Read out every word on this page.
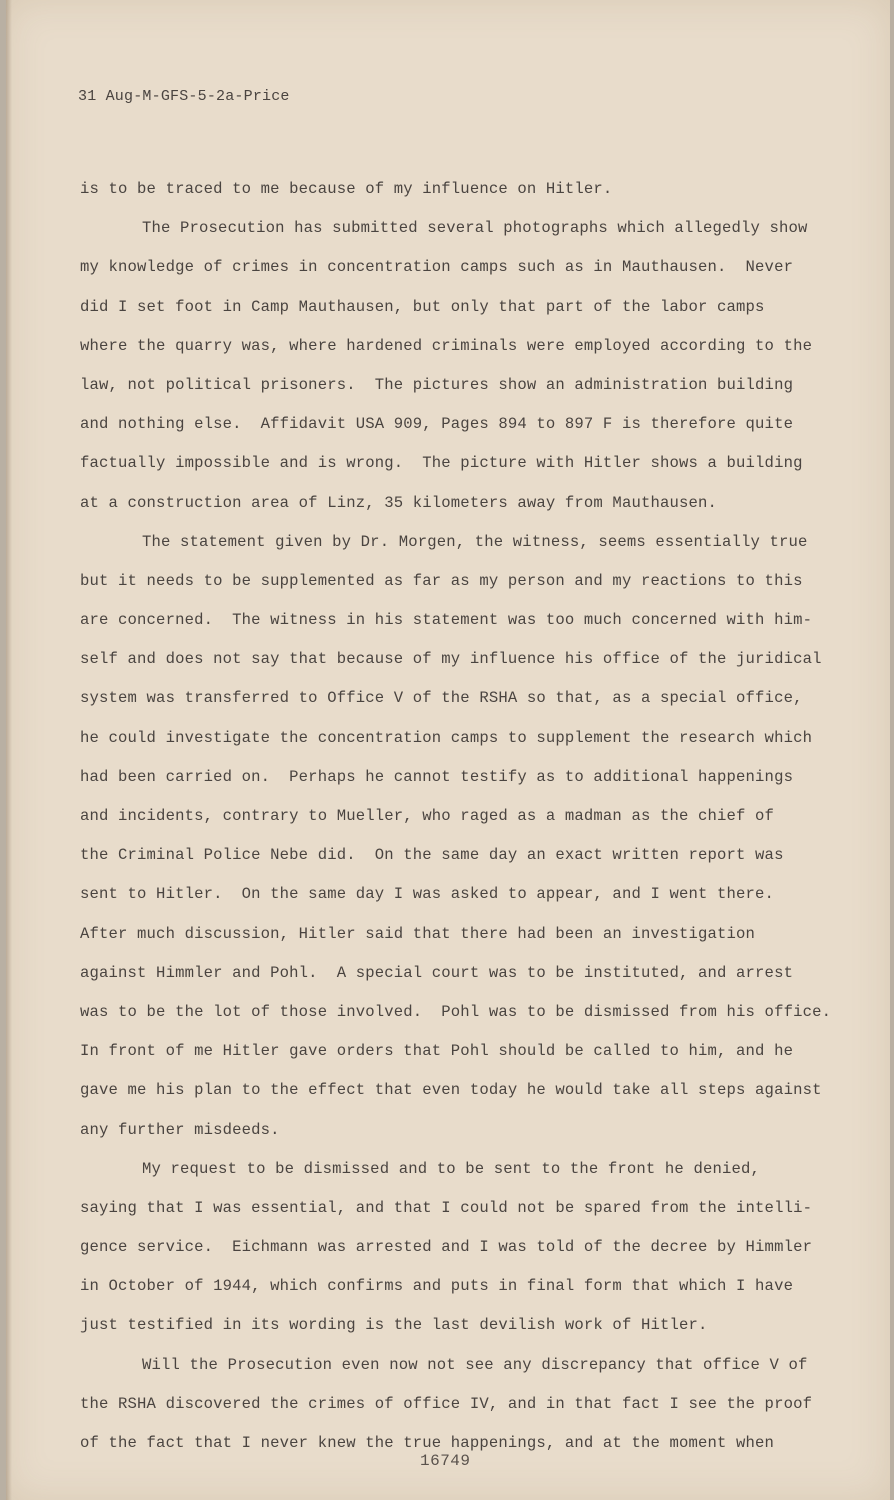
31 Aug-M-GFS-5-2a-Price
is to be traced to me because of my influence on Hitler.
The Prosecution has submitted several photographs which allegedly show
my knowledge of crimes in concentration camps such as in Mauthausen.  Never
did I set foot in Camp Mauthausen, but only that part of the labor camps
where the quarry was, where hardened criminals were employed according to the
law, not political prisoners.  The pictures show an administration building
and nothing else.  Affidavit USA 909, Pages 894 to 897 F is therefore quite
factually impossible and is wrong.  The picture with Hitler shows a building
at a construction area of Linz, 35 kilometers away from Mauthausen.
The statement given by Dr. Morgen, the witness, seems essentially true
but it needs to be supplemented as far as my person and my reactions to this
are concerned.  The witness in his statement was too much concerned with him-
self and does not say that because of my influence his office of the juridical
system was transferred to Office V of the RSHA so that, as a special office,
he could investigate the concentration camps to supplement the research which
had been carried on.  Perhaps he cannot testify as to additional happenings
and incidents, contrary to Mueller, who raged as a madman as the chief of
the Criminal Police Nebe did.  On the same day an exact written report was
sent to Hitler.  On the same day I was asked to appear, and I went there.
After much discussion, Hitler said that there had been an investigation
against Himmler and Pohl.  A special court was to be instituted, and arrest
was to be the lot of those involved.  Pohl was to be dismissed from his office.
In front of me Hitler gave orders that Pohl should be called to him, and he
gave me his plan to the effect that even today he would take all steps against
any further misdeeds.
My request to be dismissed and to be sent to the front he denied,
saying that I was essential, and that I could not be spared from the intelli-
gence service.  Eichmann was arrested and I was told of the decree by Himmler
in October of 1944, which confirms and puts in final form that which I have
just testified in its wording is the last devilish work of Hitler.
Will the Prosecution even now not see any discrepancy that office V of
the RSHA discovered the crimes of office IV, and in that fact I see the proof
of the fact that I never knew the true happenings, and at the moment when
16749
